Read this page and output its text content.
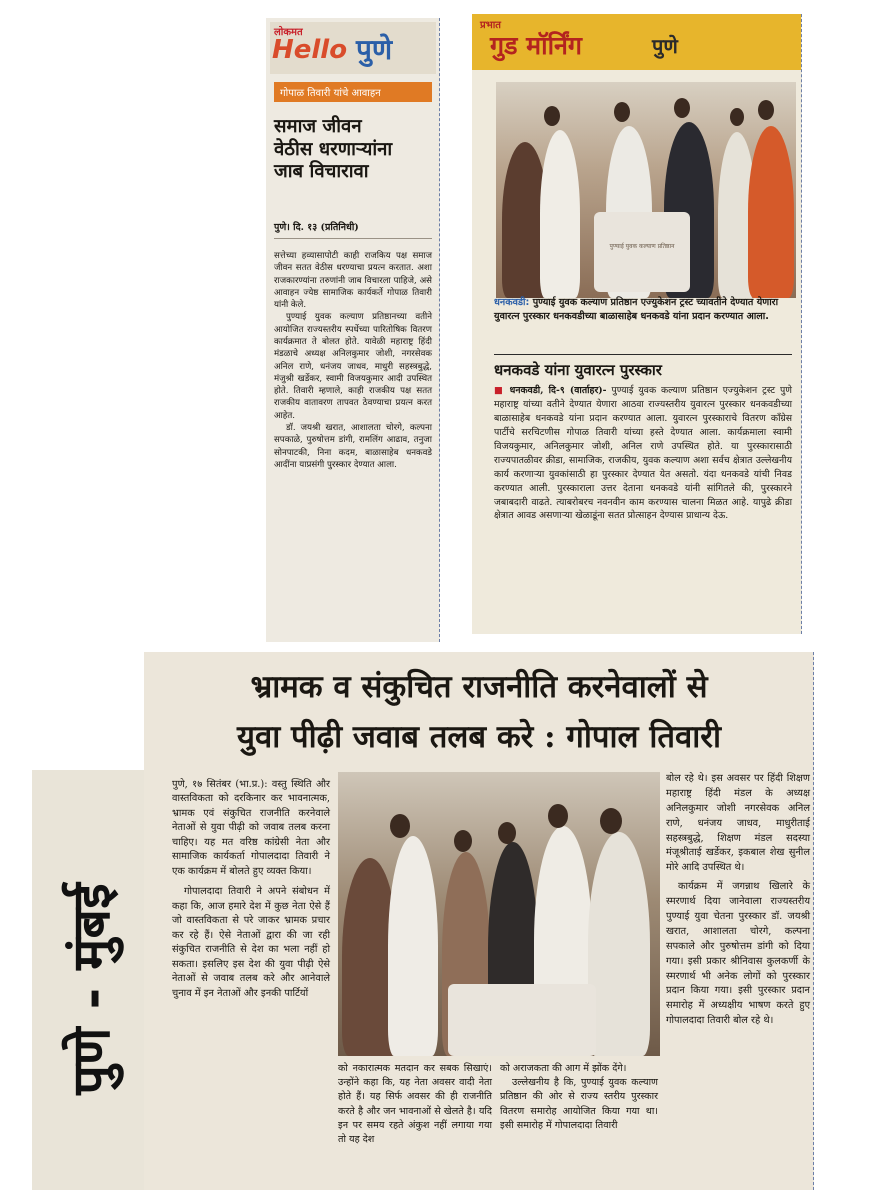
लोकमत
Hello पुणे
गोपाळ तिवारी यांचे आवाहन
समाज जीवन
वेठीस धरणाऱ्यांना
जाब विचारावा
पुणे। दि. १३ (प्रतिनिधी)

सत्तेच्या हव्यासापोटी काही राजकिय पक्ष समाज जीवन सतत वेठीस धरण्याचा प्रयत्न करतात. अशा राजकारण्यांना तरुणांनी जाब विचारला पाहिजे, असे आवाहन ज्येष्ठ सामाजिक कार्यकर्ते गोपाळ तिवारी यांनी केले.

पुण्याई युवक कल्याण प्रतिष्ठानच्या वतीने आयोजित राज्यस्तरीय स्पर्धेच्या पारितोषिक वितरण कार्यक्रमात ते बोलत होते. यावेळी महाराष्ट्र हिंदी मंडळाचे अध्यक्ष अनिलकुमार जोशी, नगरसेवक अनिल राणे, धनंजय जाधव, माधुरी सहस्त्रबुद्धे, मंजुश्री खर्डेकर, स्वामी विजयकुमार आदी उपस्थित होते. तिवारी म्हणाले, काही राजकीय पक्ष सतत राजकीय वातावरण तापवत ठेवण्याचा प्रयत्न करत आहेत.

डॉ. जयश्री खरात, आशालता चोरगे, कल्पना सपकाळे, पुरुषोत्तम डांगी, रामलिंग आढाव, तनुजा सोनपाटकी, निना कदम, बाळासाहेब धनकवडे आदींना याप्रसंगी पुरस्कार देण्यात आला.

प्रभात
गुड मॉर्निंग	पुणे
पुण्याई युवक कल्याण प्रतिष्ठान
धनकवडी: पुण्याई युवक कल्याण प्रतिष्ठान एज्युकेशन ट्रस्ट च्यावतीने देण्यात येणारा युवारत्न पुरस्कार धनकवडीच्या बाळासाहेब धनकवडे यांना प्रदान करण्यात आला.
धनकवडे यांना युवारत्न पुरस्कार

■ धनकवडी, दि-९ (वार्ताहर)- पुण्याई युवक कल्याण प्रतिष्ठान एज्युकेशन ट्रस्ट पुणे महाराष्ट्र यांच्या वतीने देण्यात येणारा आठवा राज्यस्तरीय युवारत्न पुरस्कार धनकवडीच्या बाळासाहेब धनकवडे यांना प्रदान करण्यात आला. युवारत्न पुरस्काराचे वितरण काँग्रेस पार्टीचे सरचिटणीस गोपाळ तिवारी यांच्या हस्ते देण्यात आला. कार्यक्रमाला स्वामी विजयकुमार, अनिलकुमार जोशी, अनिल राणे उपस्थित होते. या पुरस्कारासाठी राज्यपातळीवर क्रीडा, सामाजिक, राजकीय, युवक कल्याण अशा सर्वच क्षेत्रात उल्लेखनीय कार्य करणाऱ्या युवकांसाठी हा पुरस्कार देण्यात येत असतो. यंदा धनकवडे यांची निवड करण्यात आली. पुरस्काराला उत्तर देताना धनकवडे यांनी सांगितले की, पुरस्कारने जबाबदारी वाढते. त्याबरोबरच नवनवीन काम करण्यास चालना मिळत आहे. यापुढे क्रीडा क्षेत्रात आवड असणाऱ्या खेळाडूंना सतत प्रोत्साहन देण्यास प्राधान्य देऊ.

पुणे - मुंबई
भ्रामक व संकुचित राजनीति करनेवालों से
युवा पीढ़ी जवाब तलब करे : गोपाल तिवारी

पुणे, १७ सितंबर (भा.प्र.): वस्तु स्थिति और वास्तविकता को दरकिनार कर भावनात्मक, भ्रामक एवं संकुचित राजनीति करनेवाले नेताओं से युवा पीढ़ी को जवाब तलब करना चाहिए। यह मत वरिष्ठ कांग्रेसी नेता और सामाजिक कार्यकर्ता गोपालदादा तिवारी ने एक कार्यक्रम में बोलते हुए व्यक्त किया।

गोपालदादा तिवारी ने अपने संबोधन में कहा कि, आज हमारे देश में कुछ नेता ऐसे हैं जो वास्तविकता से परे जाकर भ्रामक प्रचार कर रहे हैं। ऐसे नेताओं द्वारा की जा रही संकुचित राजनीति से देश का भला नहीं हो सकता। इसलिए इस देश की युवा पीढ़ी ऐसे नेताओं से जवाब तलब करे और आनेवाले चुनाव में इन नेताओं और इनकी पार्टियों

को नकारात्मक मतदान कर सबक सिखाएं। उन्होंने कहा कि, यह नेता अवसर वादी नेता होते हैं। यह सिर्फ अवसर की ही राजनीति करते है और जन भावनाओं से खेलते है। यदि इन पर समय रहते अंकुश नहीं लगाया गया तो यह देश

को अराजकता की आग में झोंक देंगे।

उल्लेखनीय है कि, पुण्याई युवक कल्याण प्रतिष्ठान की ओर से राज्य स्तरीय पुरस्कार वितरण समारोह आयोजित किया गया था। इसी समारोह में गोपालदादा तिवारी

बोल रहे थे। इस अवसर पर हिंदी शिक्षण महाराष्ट्र हिंदी मंडल के अध्यक्ष अनिलकुमार जोशी नगरसेवक अनिल राणे, धनंजय जाधव, माधुरीताई सहस्त्रबुद्धे, शिक्षण मंडल सदस्या मंजूश्रीताई खर्डेकर, इकबाल शेख सुनील मोरे आदि उपस्थित थे।

कार्यक्रम में जगन्नाथ खिलारे के स्मरणार्थ दिया जानेवाला राज्यस्तरीय पुण्याई युवा चेतना पुरस्कार डॉ. जयश्री खरात, आशालता चोरगे, कल्पना सपकाले और पुरुषोत्तम डांगी को दिया गया। इसी प्रकार श्रीनिवास कुलकर्णी के स्मरणार्थ भी अनेक लोगों को पुरस्कार प्रदान किया गया। इसी पुरस्कार प्रदान समारोह में अध्यक्षीय भाषण करते हुए गोपालदादा तिवारी बोल रहे थे।
